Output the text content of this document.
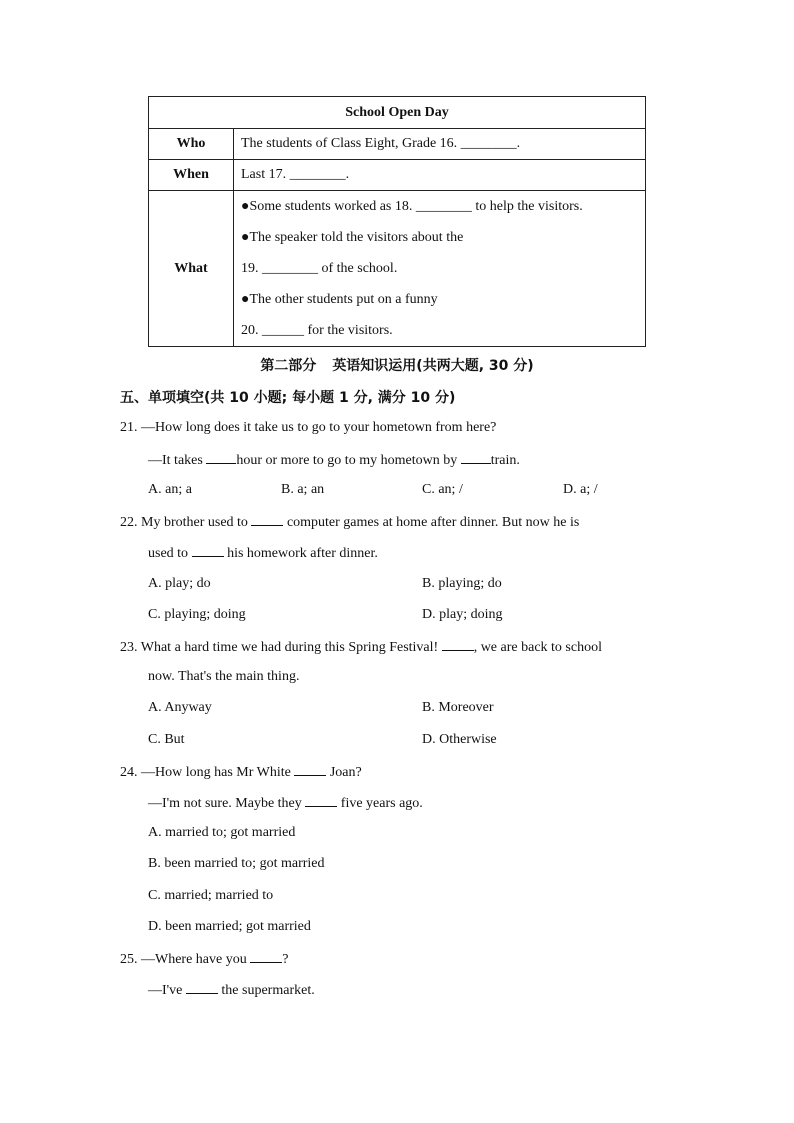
School Open Day	
Who	The students of Class Eight, Grade 16. ________.
When	Last 17. ________.
What	●Some students worked as 18. ________ to help the visitors.
●The speaker told the visitors about the
19. ________ of the school.
●The other students put on a funny
20. ______ for the visitors.
第二部分 英语知识运用(共两大题, 30 分)
五、单项填空(共 10 小题; 每小题 1 分, 满分 10 分)
21. —How long does it take us to go to your hometown from here?
—It takes hour or more to go to my hometown by train.
A. an; a	B. a; an	C. an; /	D. a; /
22. My brother used to	computer games at home after dinner. But now he is
used to	his homework after dinner.
A. play; do	B. playing; do
C. playing; doing	D. play; doing
23. What a hard time we had during this Spring Festival!	, we are back to school
now. That's the main thing.
A. Anyway	B. Moreover
C. But	D. Otherwise
24. —How long has Mr White	Joan?
—I'm not sure. Maybe they	five years ago.
A. married to; got married
B. been married to; got married
C. married; married to
D. been married; got married
25. —Where have you	?
—I've	the supermarket.
